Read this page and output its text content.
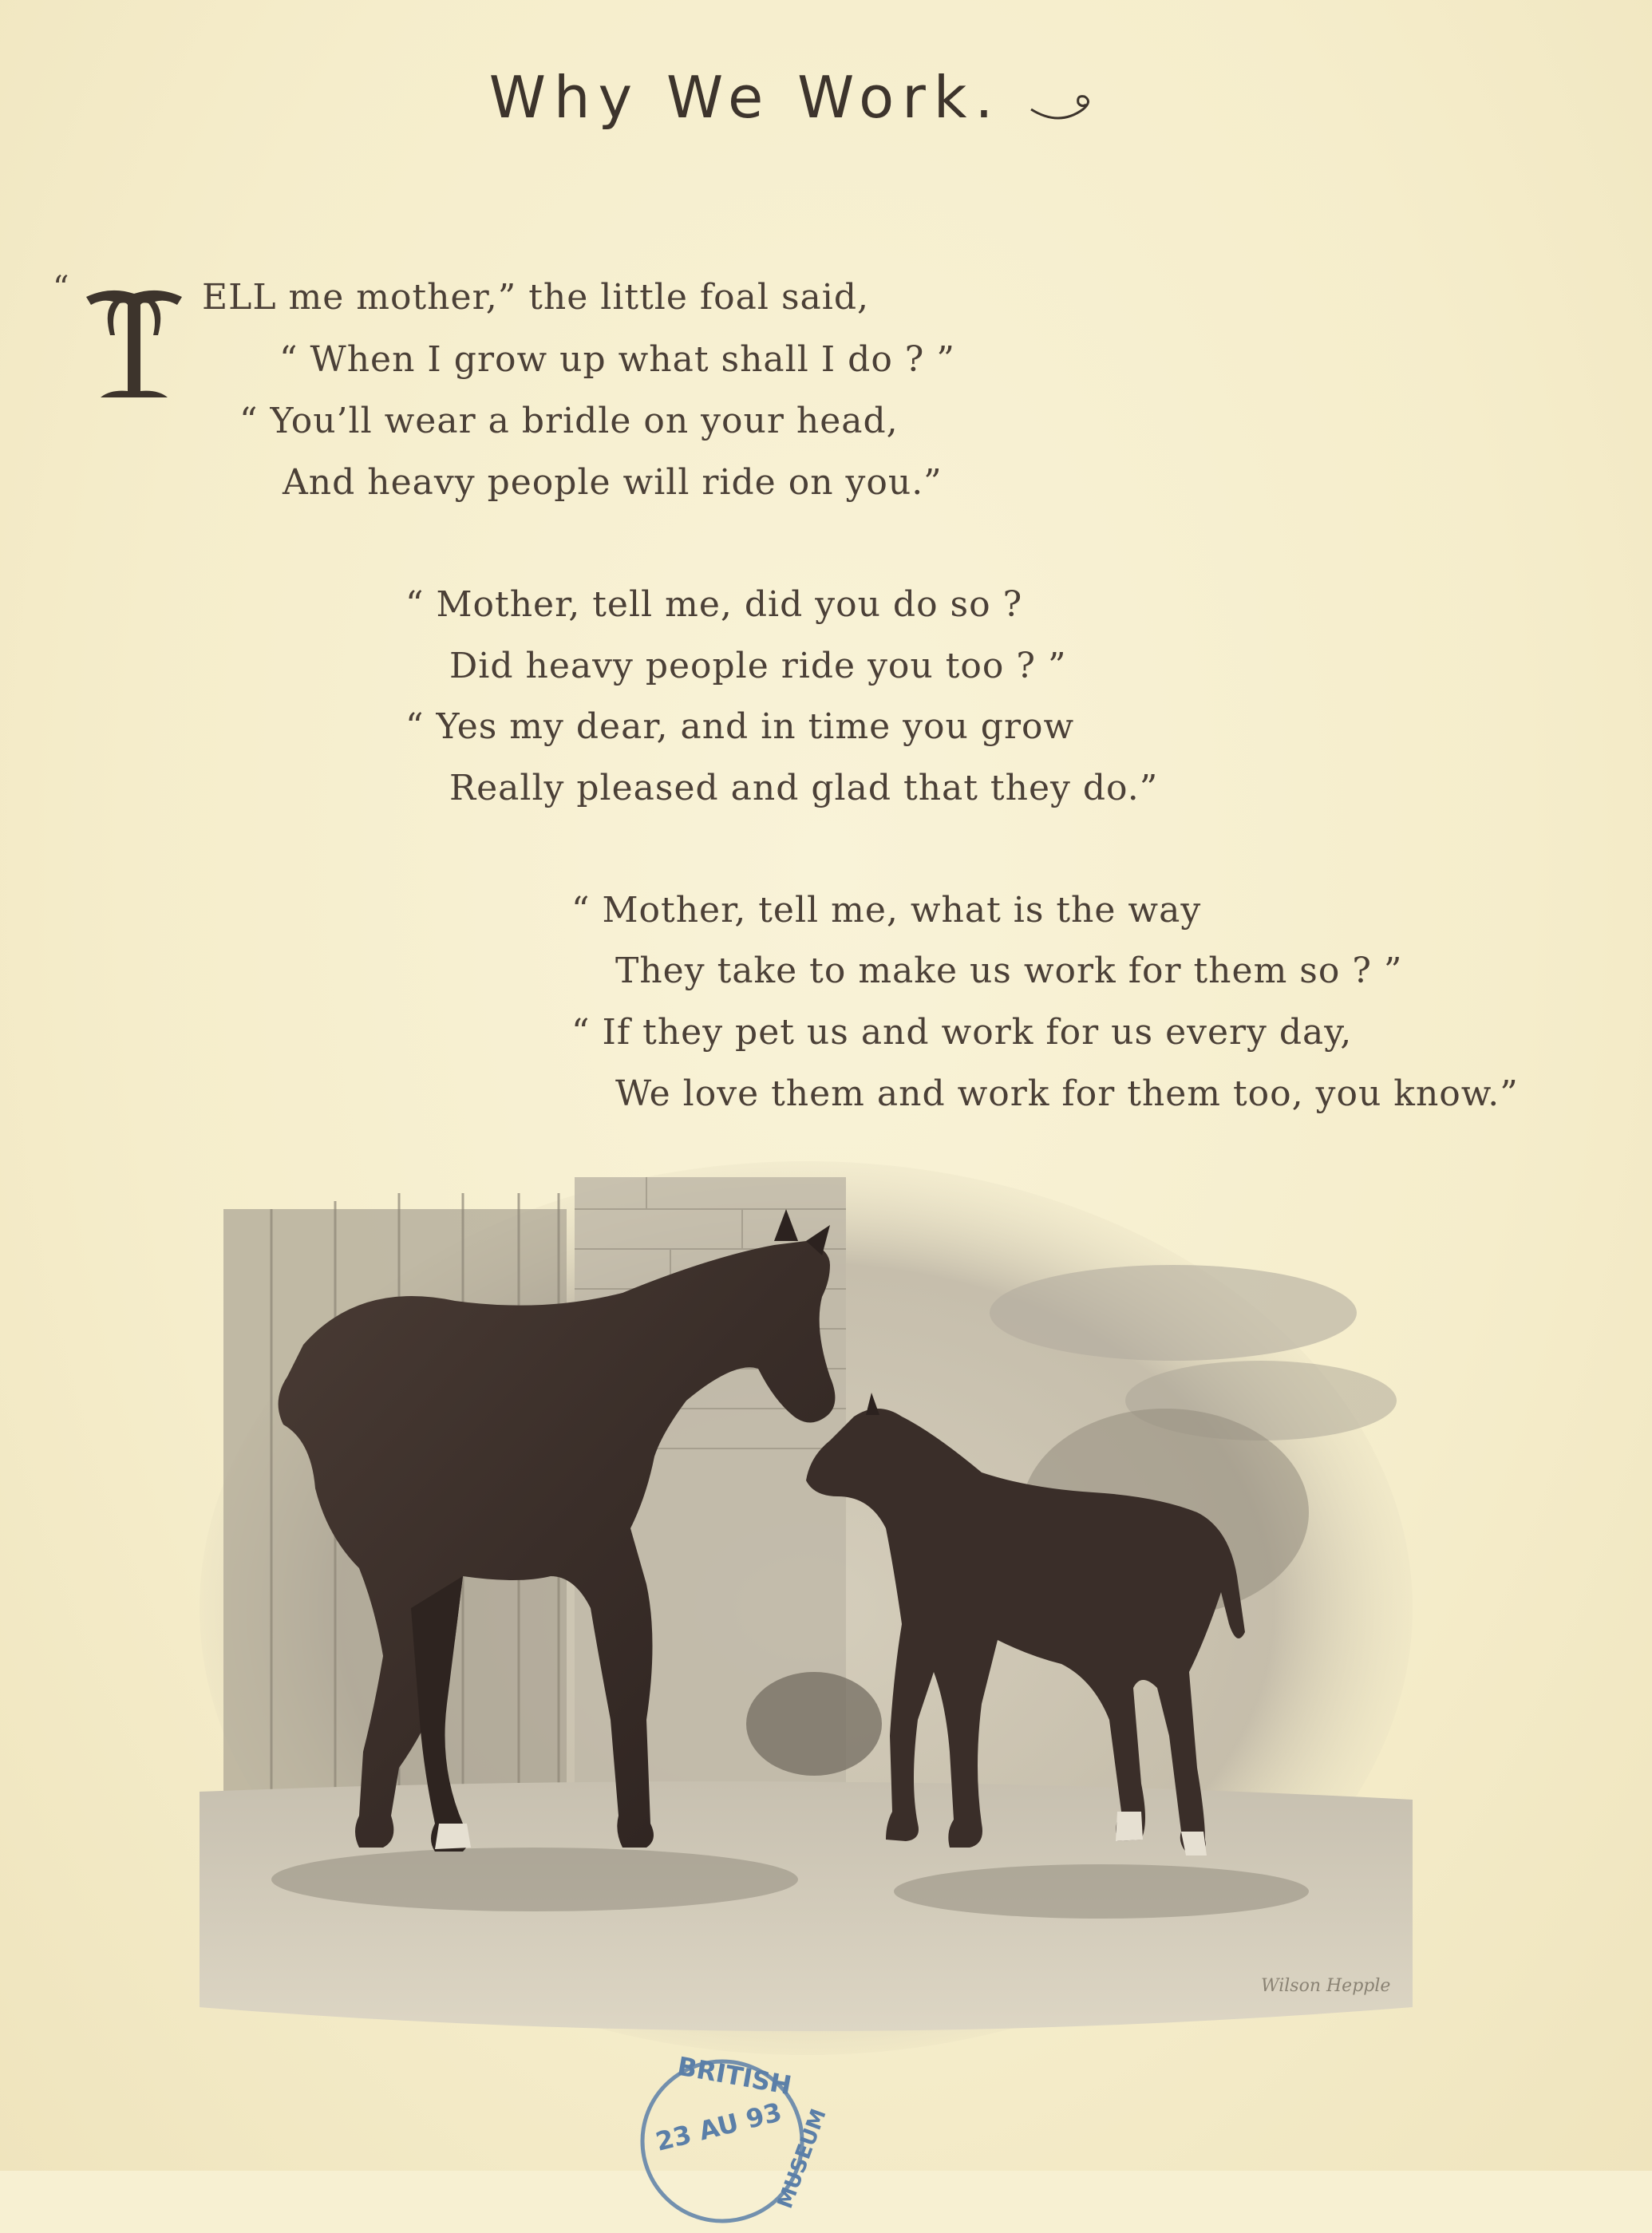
Why We Work.
“	ELL me mother,” the little foal said,
“ When I grow up what shall I do ? ”
“ You’ll wear a bridle on your head,
And heavy people will ride on you.”
“ Mother, tell me, did you do so ?
Did heavy people ride you too ? ”
“ Yes my dear, and in time you grow
Really pleased and glad that they do.”
“ Mother, tell me, what is the way
They take to make us work for them so ? ”
“ If they pet us and work for us every day,
We love them and work for them too, you know.”
Wilson Hepple
BRITISH
23 AU 93
MUSEUM
